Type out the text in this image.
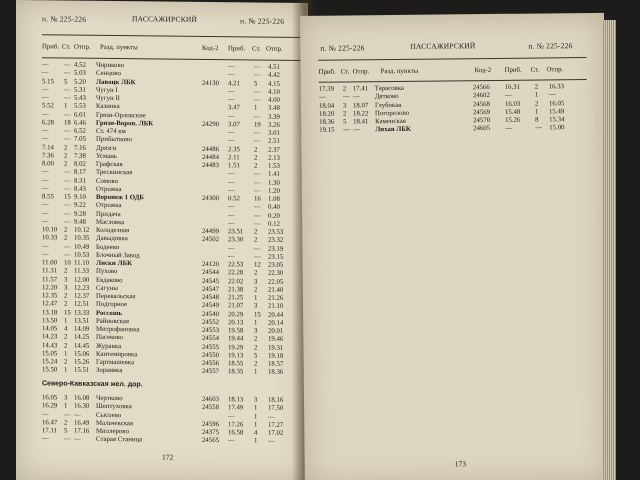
п. № 225-226	ПАССАЖИРСКИЙ	п. № 225-226
Приб. Ст. Отпр. Разд. пункты	Код-2 Приб. Ст. Отпр.
— — 4.52 Чириково	—	— 4.51
— — 5.03 Сенцово	—	— 4.42
5.15 5 5.20 Лавоцк ЛБК	24130 4.21 5 4.15
— — 5.31 Чугун I	—	— 4.10
— — 5.43 Чугун II	—	— 4.00
5.52 1 5.53 Казинка	3.47 1 3.48
— — 6.01 Грязи-Орловские	—	— 3.39
6.28 18 6.46 Грязи-Ворон. ЛБК	24290 3.07 19 3.26
— — 6.52 Ст. 474 км	—	— 3.01
— — 7.05 Прибытково	—	— 2.51
7.14 2 7.16 Дрязги	24486 2.35 2 2.37
7.36 2 7.38 Усмань	24484 2.11 2 2.13
8.00 2 8.02 Графская	24483 1.51 2 1.53
— — 8.17 Трескинская	—	— 1.41
— — 8.31 Сомово	—	— 1.30
— — 8.43 Отрожка	—	— 1.20
8.55 15 9.10 Воронеж 1 ОДБ	24300 0.52 16 1.08
— — 9.22 Отрожка	—	— 0.40
— — 9.28 Придача	—	— 0.20
— — 9.48 Масловка	—	— 0.12
10.10 2 10.12 Колодезная	24499 23.51 2 23.53
10.33 2 10.35 Давыдовка	24502 23.30 2 23.32
— — 10.49 Бодеево	—	— 23.19
— — 10.53 Блочный Завод	—	— 23.15
11.00 10 11.10 Лиски ЛБК	24120 22.53 12 23.05
11.31 2 11.33 Пухово	24544 22.28 2 22.30
11.57 3 12.00 Евдаково	24545 22.02 3 22.05
12.20 3 12.23 Сагуны	24547 21.38 2 21.40
12.35 2 12.37 Перевальская	24548 21.25 1 21.26
12.47 2 12.51 Подгорное	24549 21.07 3 21.10
13.18 15 13.33 Россошь	24540 20.29 15 20.44
13.50 1 13.51 Райновская	24552 20.13 1 20.14
14.05 4 14.09 Митрофановка	24553 19.58 3 20.01
14.23 2 14.25 Пасеково	24554 19.44 2 19.46
14.43 2 14.45 Журавка	24555 19.29 2 19.31
15.05 1 15.06 Кантемировка	24550 19.13 5 19.18
15.24 2 15.26 Гартмашевка	24556 18.55 2 18.57
15.50 1 15.51 Зорнявка	24557 18.35 1 18.36
Северо-Кавказская жел. дор.
16.05 3 16.08 Чертково	24603 18.13 3 18.16
16.29 1 16.30 Шептуховка	24558 17.49 1 17.50
— — — Сысоево	—	1 —
16.47 2 16.49 Мальчевская	24596 17.26 1 17.27
17.11 5 17.16 Миллерово	24375 16.58 4 17.02
— — — Старая Станица	24565 —	1 —
172
п. № 225-226	ПАССАЖИРСКИЙ	п. № 225-226
Приб. Ст. Отпр. Разд. пункты	Код-2 Приб. Ст. Отпр.
17.39 2 17.41 Тарасовка	24566 16.31 2 16.33
—	— — Дятково	24602 —	1 —
18.04 3 18.07 Глубокая	24568 16.03 2 16.05
18.20 2 18.22 Погорелово	24569 15.48 1 15.49
18.36 5 18.41 Каменская	24570 15.26 8 15.34
19.15 — — Лихая ЛБК	24605 —	— 15.00
173
